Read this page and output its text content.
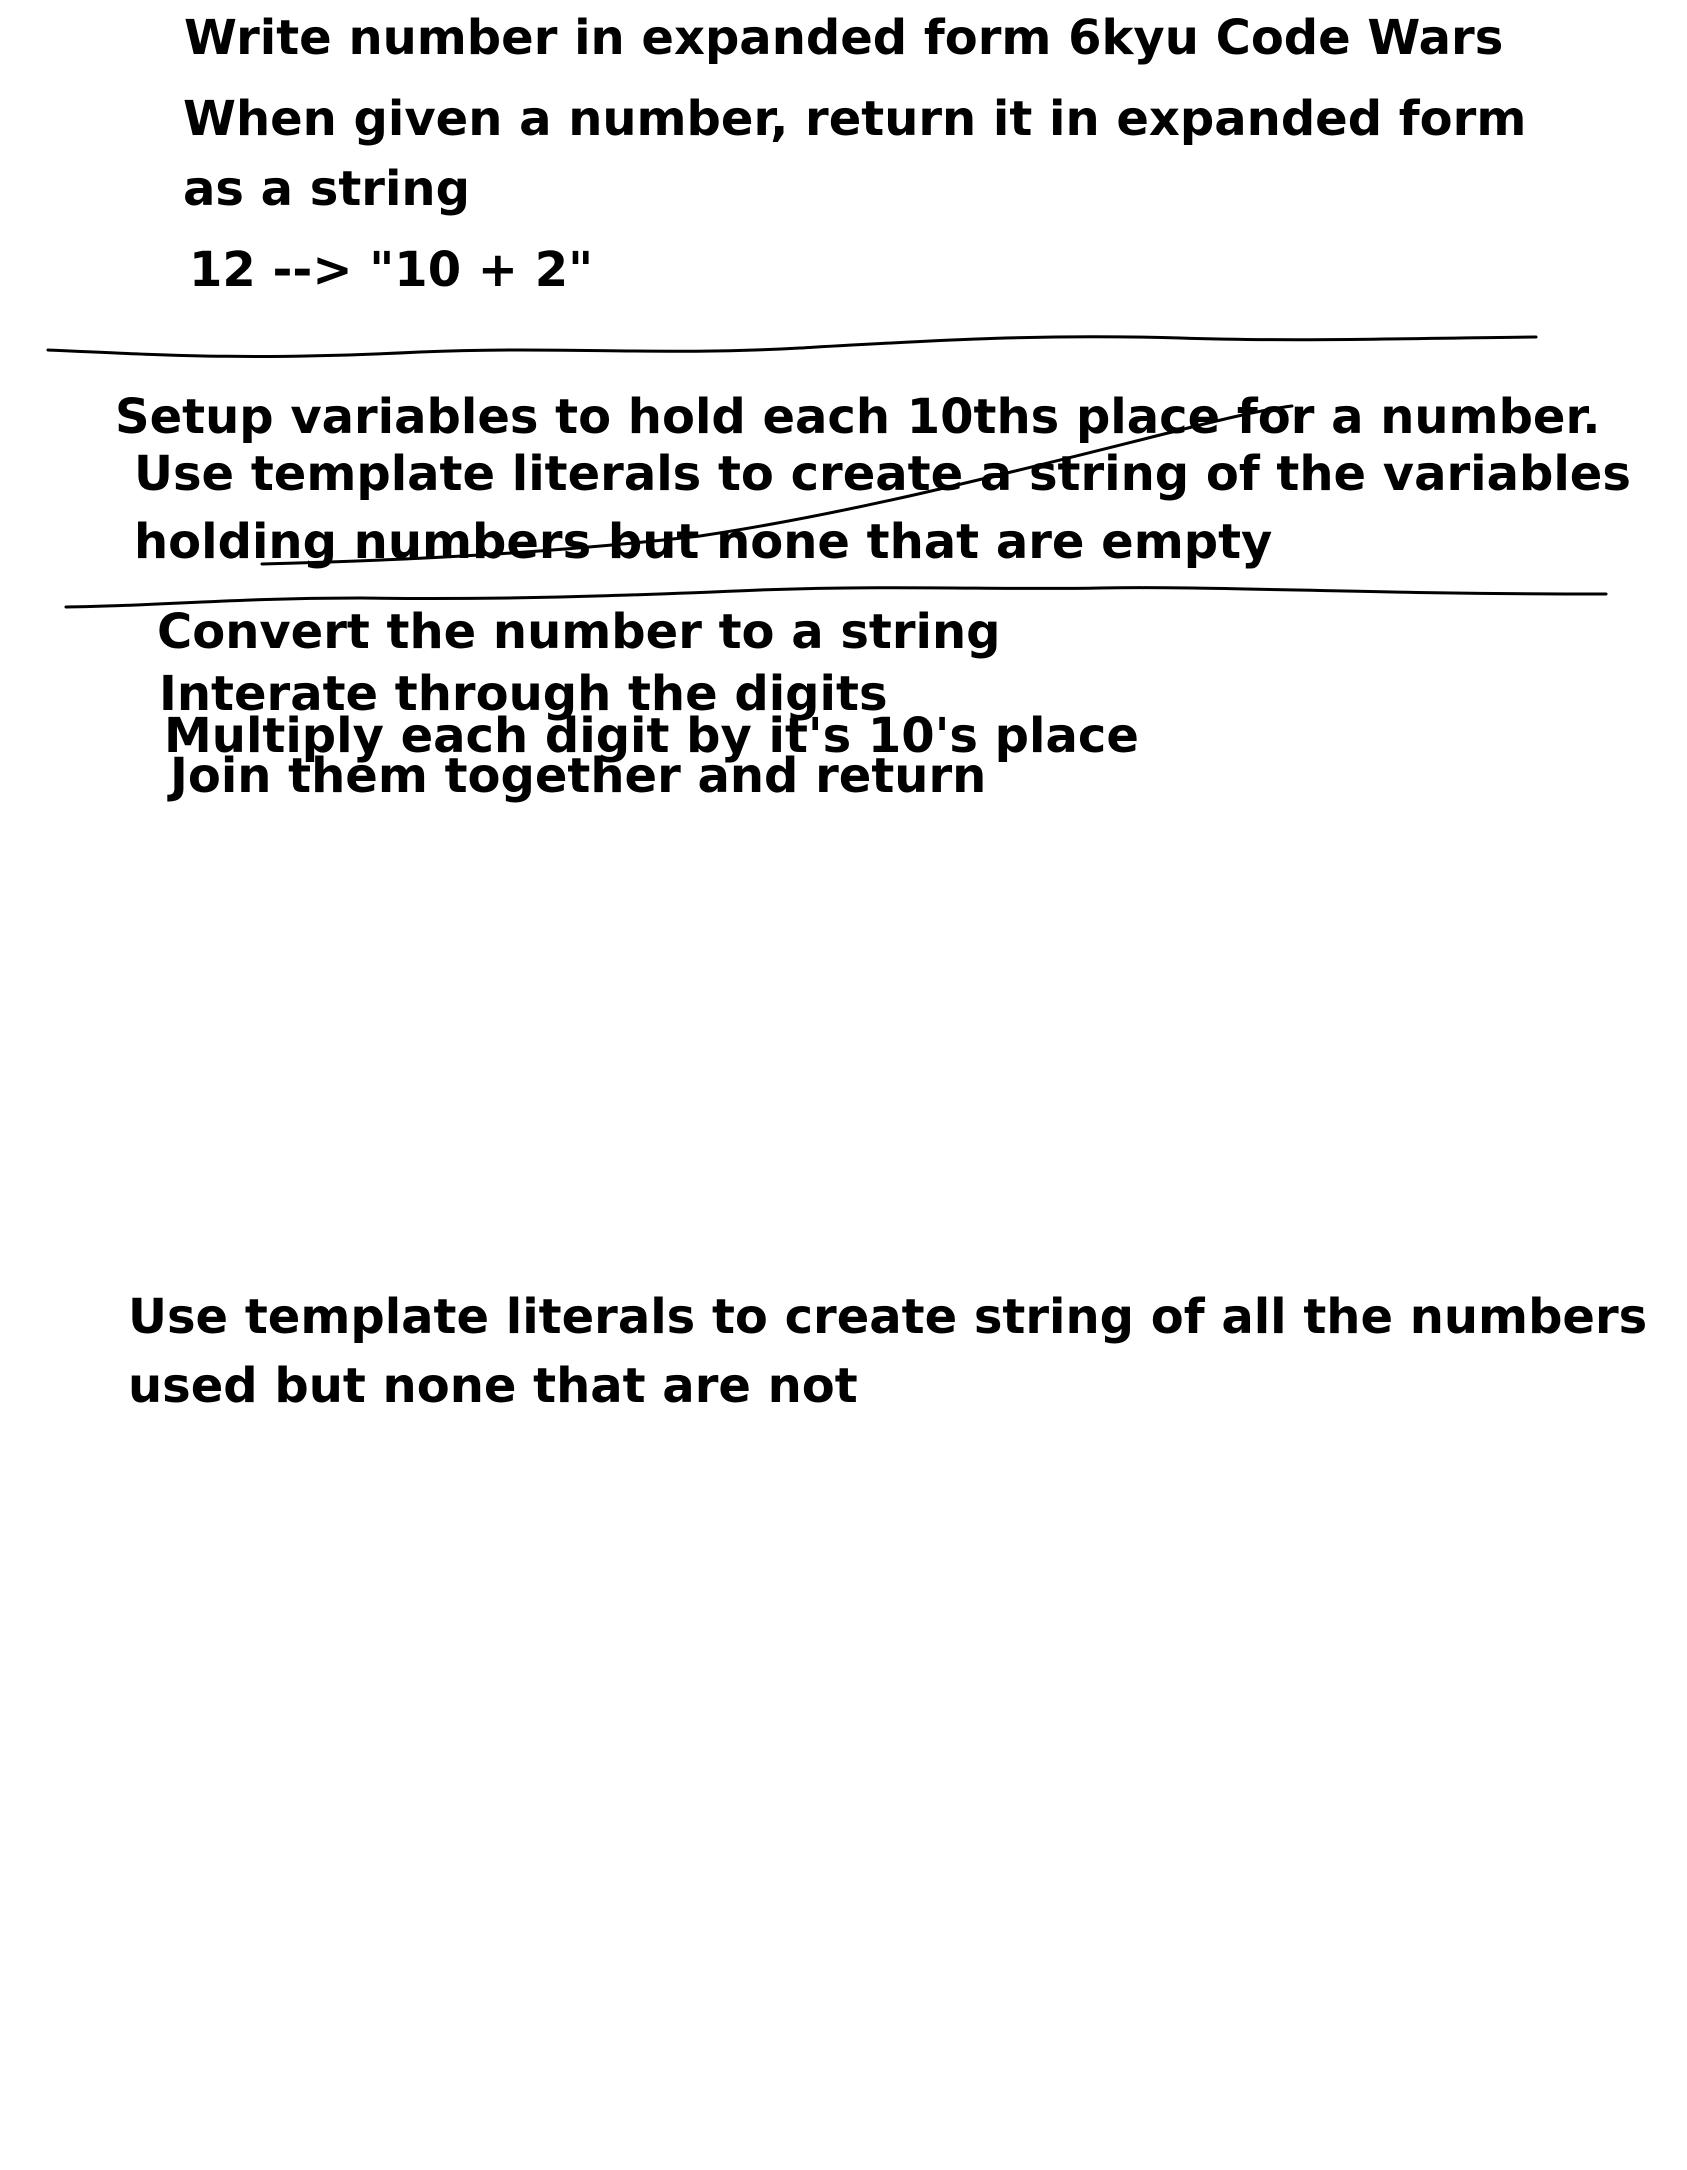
Write number in expanded form 6kyu Code Wars
When given a number, return it in expanded form
as a string
12 --> "10 + 2"
Setup variables to hold each 10ths place for a number.
Use template literals to create a string of the variables
holding numbers but none that are empty
Convert the number to a string
Interate through the digits
Multiply each digit by it's 10's place
Join them together and return
Use template literals to create string of all the numbers
used but none that are not
